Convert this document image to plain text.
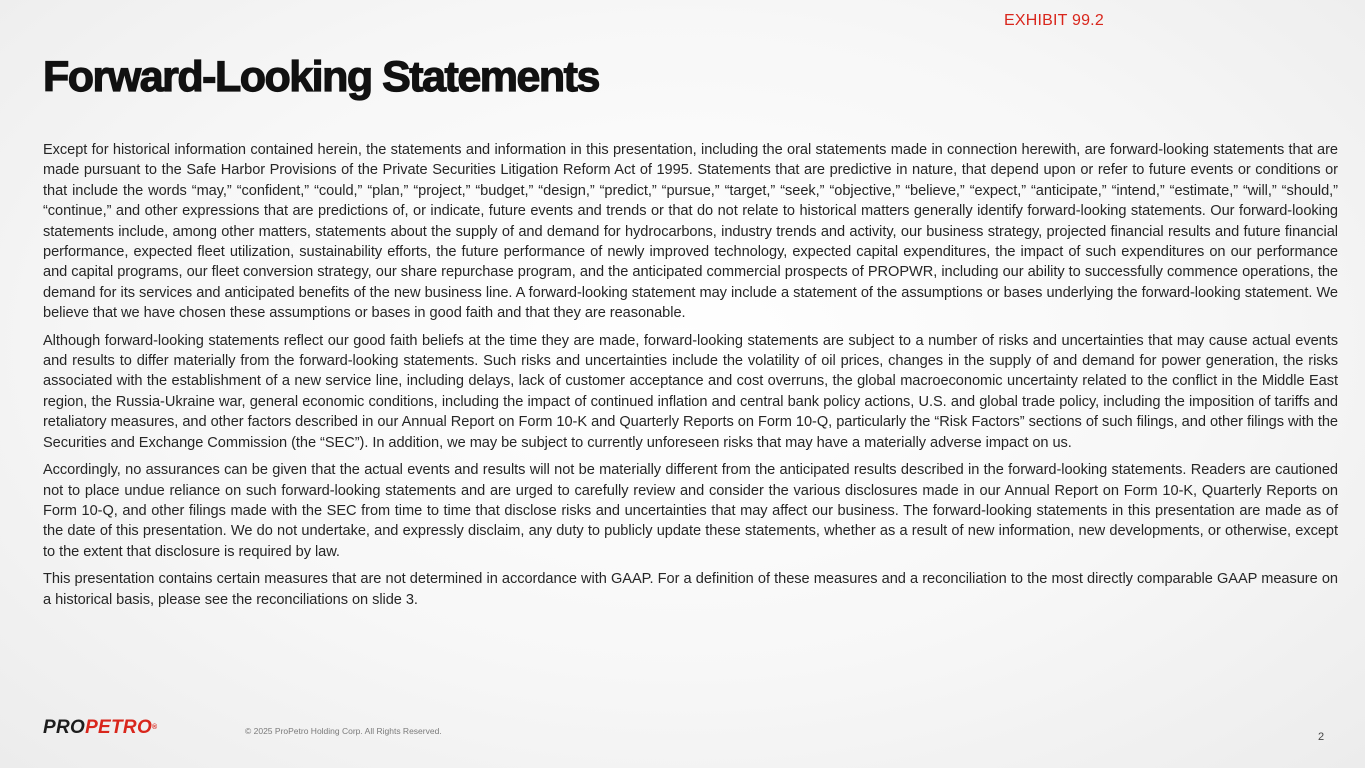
EXHIBIT 99.2
Forward-Looking Statements

Except for historical information contained herein, the statements and information in this presentation, including the oral statements made in connection herewith, are forward-looking statements that are made pursuant to the Safe Harbor Provisions of the Private Securities Litigation Reform Act of 1995. Statements that are predictive in nature, that depend upon or refer to future events or conditions or that include the words “may,” “confident,” “could,” “plan,” “project,” “budget,” “design,” “predict,” “pursue,” “target,” “seek,” “objective,” “believe,” “expect,” “anticipate,” “intend,” “estimate,” “will,” “should,” “continue,” and other expressions that are predictions of, or indicate, future events and trends or that do not relate to historical matters generally identify forward-looking statements. Our forward-looking statements include, among other matters, statements about the supply of and demand for hydrocarbons, industry trends and activity, our business strategy, projected financial results and future financial performance, expected fleet utilization, sustainability efforts, the future performance of newly improved technology, expected capital expenditures, the impact of such expenditures on our performance and capital programs, our fleet conversion strategy, our share repurchase program, and the anticipated commercial prospects of PROPWR, including our ability to successfully commence operations, the demand for its services and anticipated benefits of the new business line. A forward-looking statement may include a statement of the assumptions or bases underlying the forward-looking statement. We believe that we have chosen these assumptions or bases in good faith and that they are reasonable.

Although forward-looking statements reflect our good faith beliefs at the time they are made, forward-looking statements are subject to a number of risks and uncertainties that may cause actual events and results to differ materially from the forward-looking statements. Such risks and uncertainties include the volatility of oil prices, changes in the supply of and demand for power generation, the risks associated with the establishment of a new service line, including delays, lack of customer acceptance and cost overruns, the global macroeconomic uncertainty related to the conflict in the Middle East region, the Russia-Ukraine war, general economic conditions, including the impact of continued inflation and central bank policy actions, U.S. and global trade policy, including the imposition of tariffs and retaliatory measures, and other factors described in our Annual Report on Form 10-K and Quarterly Reports on Form 10-Q, particularly the “Risk Factors” sections of such filings, and other filings with the Securities and Exchange Commission (the “SEC”). In addition, we may be subject to currently unforeseen risks that may have a materially adverse impact on us.

Accordingly, no assurances can be given that the actual events and results will not be materially different from the anticipated results described in the forward-looking statements. Readers are cautioned not to place undue reliance on such forward-looking statements and are urged to carefully review and consider the various disclosures made in our Annual Report on Form 10-K, Quarterly Reports on Form 10-Q, and other filings made with the SEC from time to time that disclose risks and uncertainties that may affect our business. The forward-looking statements in this presentation are made as of the date of this presentation. We do not undertake, and expressly disclaim, any duty to publicly update these statements, whether as a result of new information, new developments, or otherwise, except to the extent that disclosure is required by law.

This presentation contains certain measures that are not determined in accordance with GAAP. For a definition of these measures and a reconciliation to the most directly comparable GAAP measure on a historical basis, please see the reconciliations on slide 3.

PROPETRO®	© 2025 ProPetro Holding Corp. All Rights Reserved.	2
